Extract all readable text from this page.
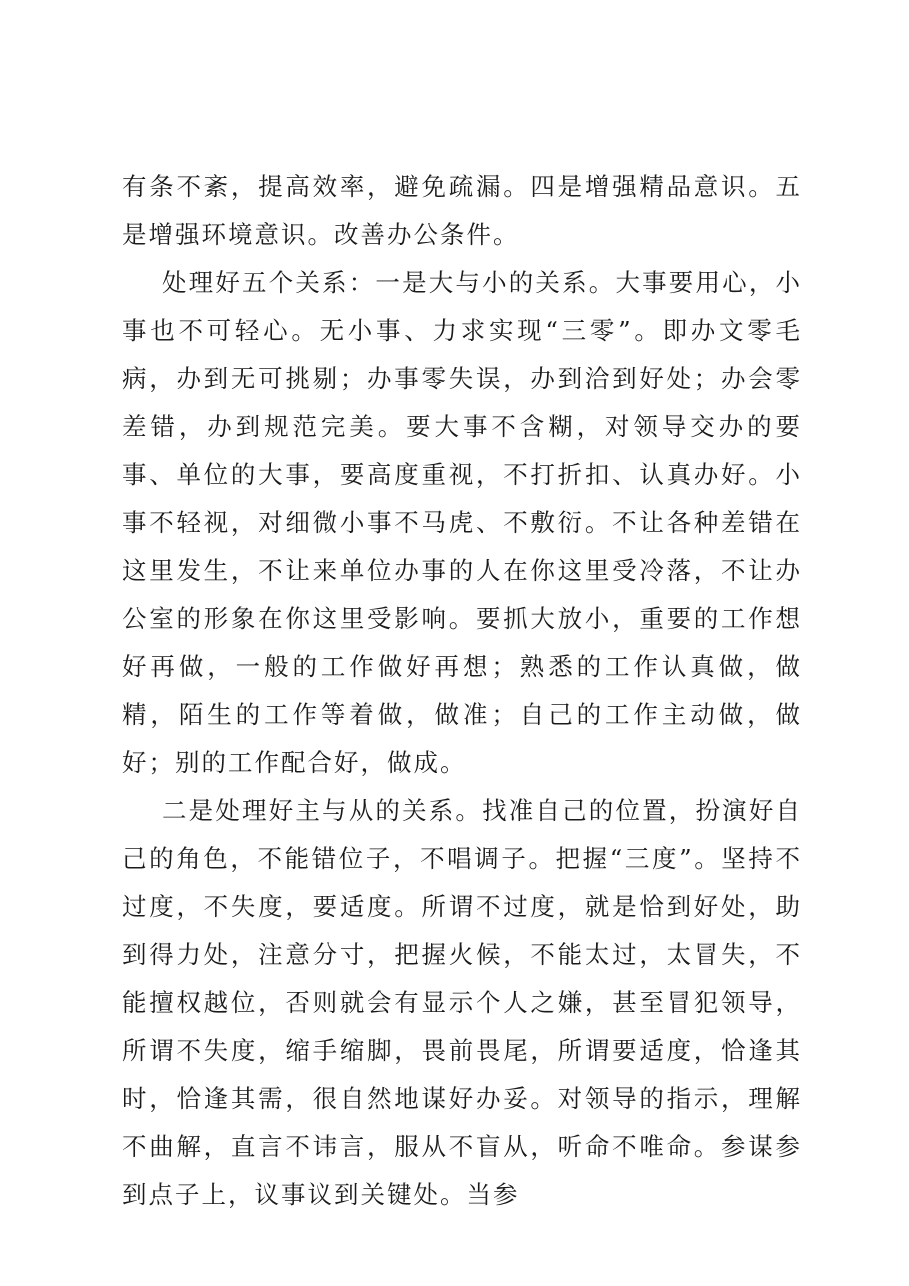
有条不紊，提高效率，避免疏漏。四是增强精品意识。五是增强环境意识。改善办公条件。

处理好五个关系：一是大与小的关系。大事要用心，小事也不可轻心。无小事、力求实现“三零”。即办文零毛病，办到无可挑剔；办事零失误，办到洽到好处；办会零差错，办到规范完美。要大事不含糊，对领导交办的要事、单位的大事，要高度重视，不打折扣、认真办好。小事不轻视，对细微小事不马虎、不敷衍。不让各种差错在这里发生，不让来单位办事的人在你这里受冷落，不让办公室的形象在你这里受影响。要抓大放小，重要的工作想好再做，一般的工作做好再想；熟悉的工作认真做，做精，陌生的工作等着做，做准；自己的工作主动做，做好；别的工作配合好，做成。

二是处理好主与从的关系。找准自己的位置，扮演好自己的角色，不能错位子，不唱调子。把握“三度”。坚持不过度，不失度，要适度。所谓不过度，就是恰到好处，助到得力处，注意分寸，把握火候，不能太过，太冒失，不能擅权越位，否则就会有显示个人之嫌，甚至冒犯领导，所谓不失度，缩手缩脚，畏前畏尾，所谓要适度，恰逢其时，恰逢其需，很自然地谋好办妥。对领导的指示，理解不曲解，直言不讳言，服从不盲从，听命不唯命。参谋参到点子上，议事议到关键处。当参
